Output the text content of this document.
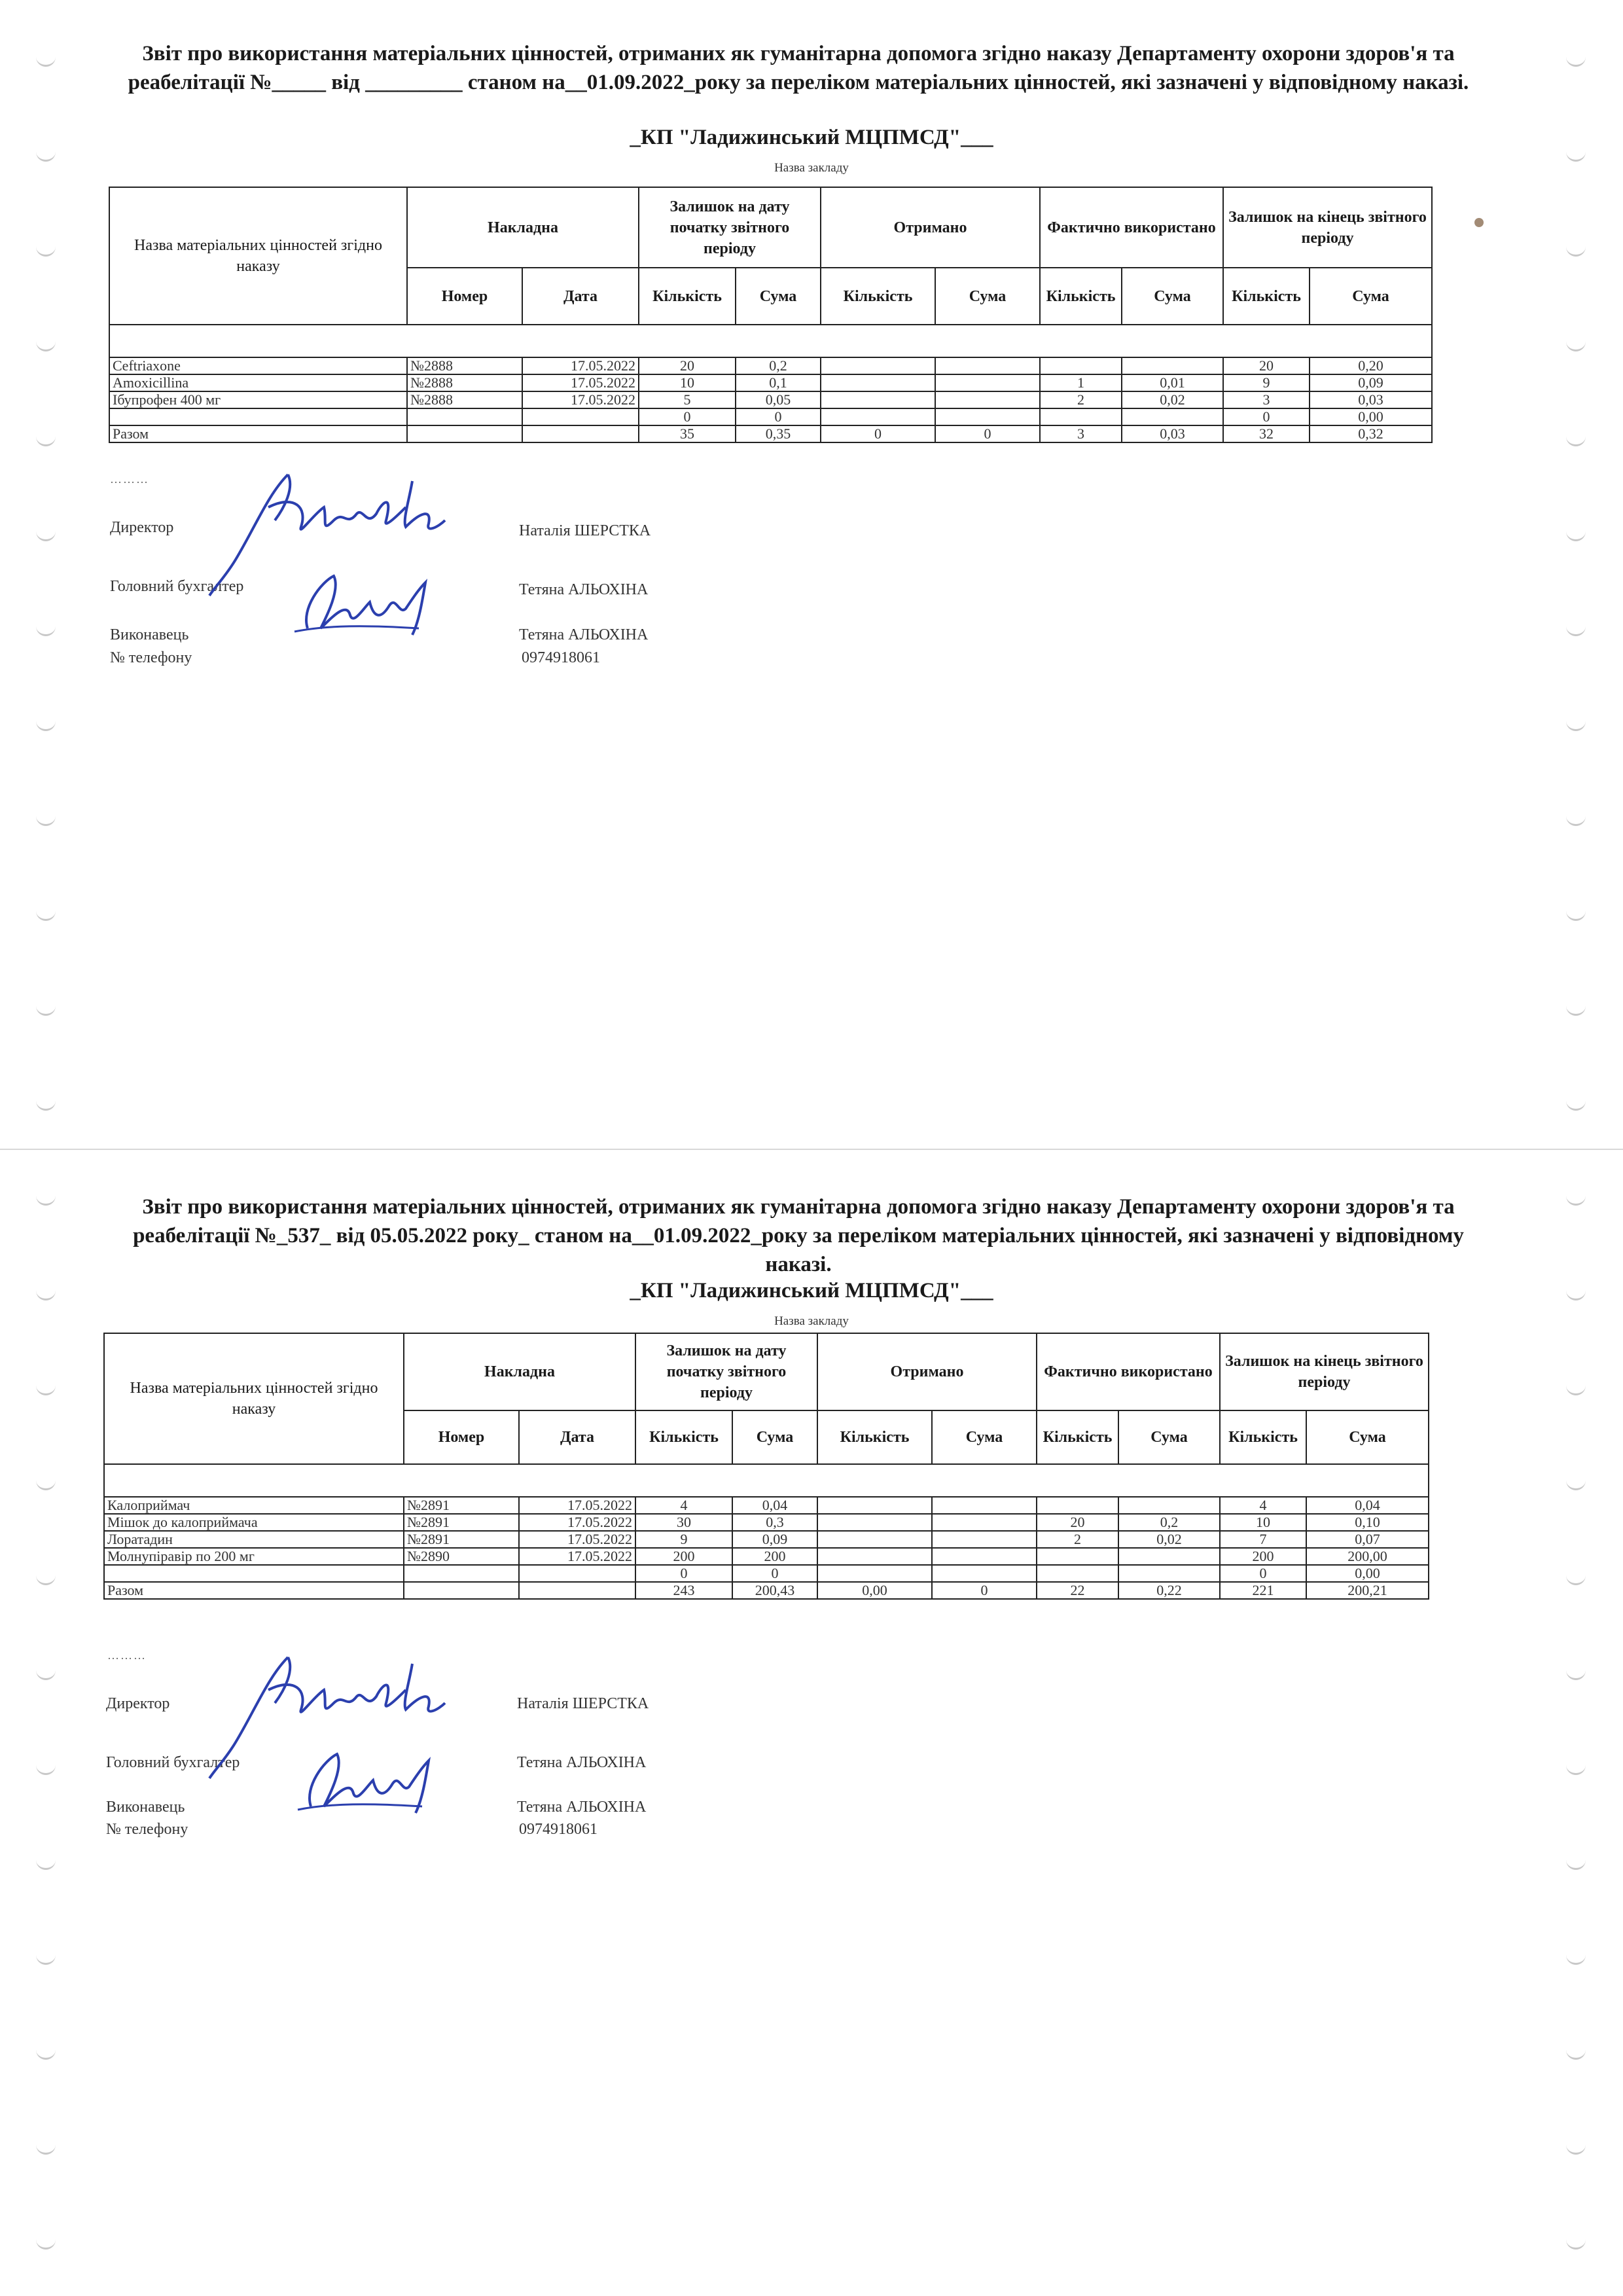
Звіт про використання матеріальних цінностей, отриманих як гуманітарна допомога згідно наказу Департаменту охорони здоров'я та реабелітації №_____ від _________ станом на__01.09.2022_року за переліком матеріальних цінностей, які зазначені у відповідному наказі.
_КП "Ладижинський МЦПМСД"___
Назва закладу
Назва матеріальних цінностей згідно наказу	Накладна		Залишок на дату початку звітного періоду		Отримано		Фактично використано		Залишок на кінець звітного періоду	
	Номер	Дата	Кількість	Сума	Кількість	Сума	Кількість	Сума	Кількість	Сума

Ceftriaxone	№2888	17.05.2022	20	0,2					20	0,20
Amoxicillina	№2888	17.05.2022	10	0,1			1	0,01	9	0,09
Ібупрофен 400 мг	№2888	17.05.2022	5	0,05			2	0,02	3	0,03
			0	0					0	0,00
Разом			35	0,35	0	0	3	0,03	32	0,32
………
Директор	Наталія ШЕРСТКА
Головний бухгалтер	Тетяна АЛЬОХІНА
Виконавець	Тетяна АЛЬОХІНА
№ телефону	0974918061
Звіт про використання матеріальних цінностей, отриманих як гуманітарна допомога згідно наказу Департаменту охорони здоров'я та реабелітації №_537_ від 05.05.2022 року_ станом на__01.09.2022_року за переліком матеріальних цінностей, які зазначені у відповідному наказі.
_КП "Ладижинський МЦПМСД"___
Назва закладу
Назва матеріальних цінностей згідно наказу	Накладна		Залишок на дату початку звітного періоду		Отримано		Фактично використано		Залишок на кінець звітного періоду	
	Номер	Дата	Кількість	Сума	Кількість	Сума	Кількість	Сума	Кількість	Сума

Калоприймач	№2891	17.05.2022	4	0,04					4	0,04
Мішок до калоприймача	№2891	17.05.2022	30	0,3			20	0,2	10	0,10
Лоратадин	№2891	17.05.2022	9	0,09			2	0,02	7	0,07
Молнупіравір по 200 мг	№2890	17.05.2022	200	200					200	200,00
			0	0					0	0,00
Разом			243	200,43	0,00	0	22	0,22	221	200,21
………
Директор	Наталія ШЕРСТКА
Головний бухгалтер	Тетяна АЛЬОХІНА
Виконавець	Тетяна АЛЬОХІНА
№ телефону	0974918061
